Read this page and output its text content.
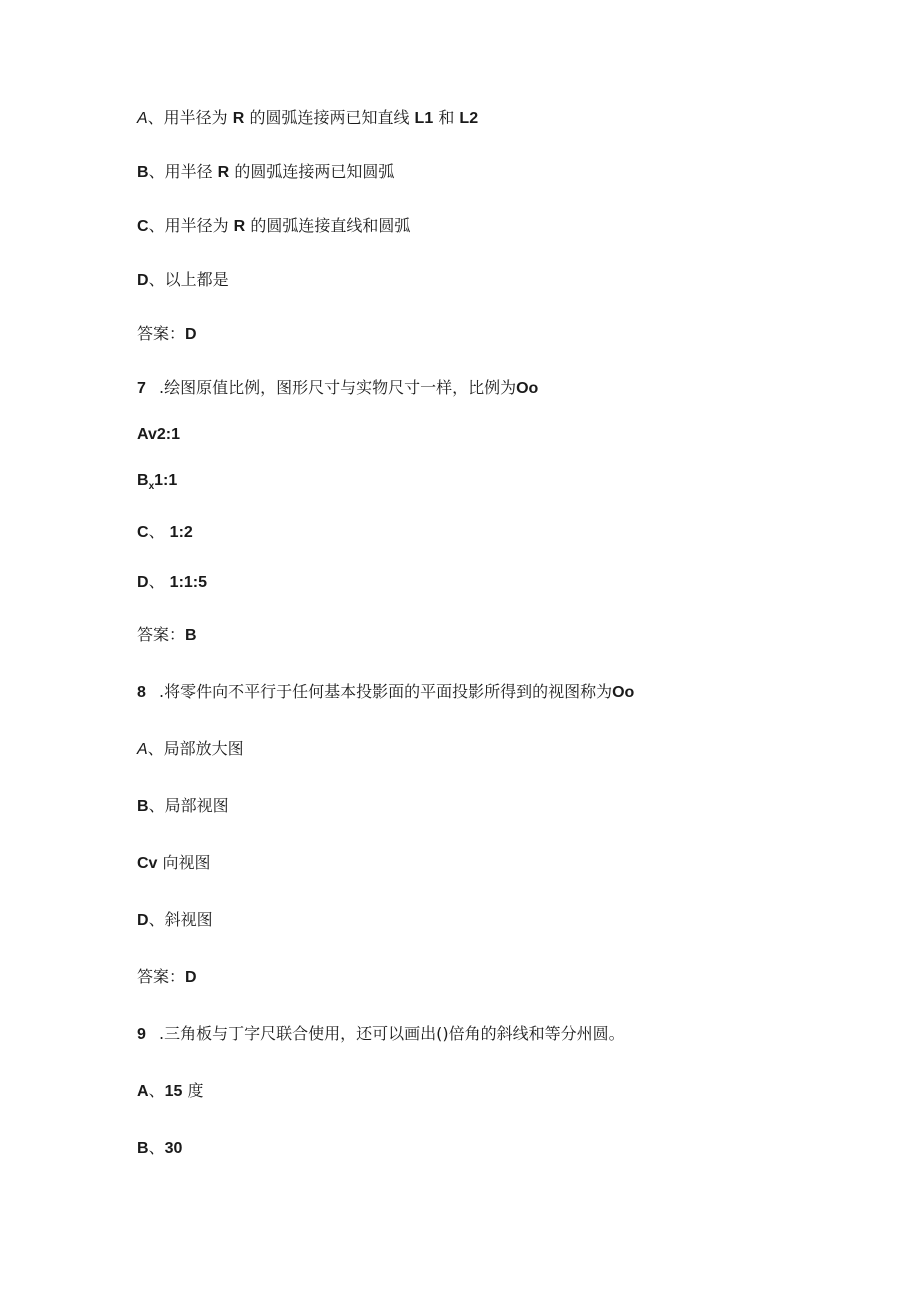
A、用半径为 R 的圆弧连接两已知直线 L1 和 L2
B、用半径 R 的圆弧连接两已知圆弧
C、用半径为 R 的圆弧连接直线和圆弧
D、以上都是
答案：D
7 .绘图原值比例，图形尺寸与实物尺寸一样，比例为Oo
Av2:1
$B_x1:1$
C、 1:2
D、 1:1:5
答案：B
8 .将零件向不平行于任何基本投影面的平面投影所得到的视图称为Oo
A、局部放大图
B、局部视图
Cv 向视图
D、斜视图
答案：D
9 .三角板与丁字尺联合使用，还可以画出()倍角的斜线和等分州圆。
A、15 度
B、30
